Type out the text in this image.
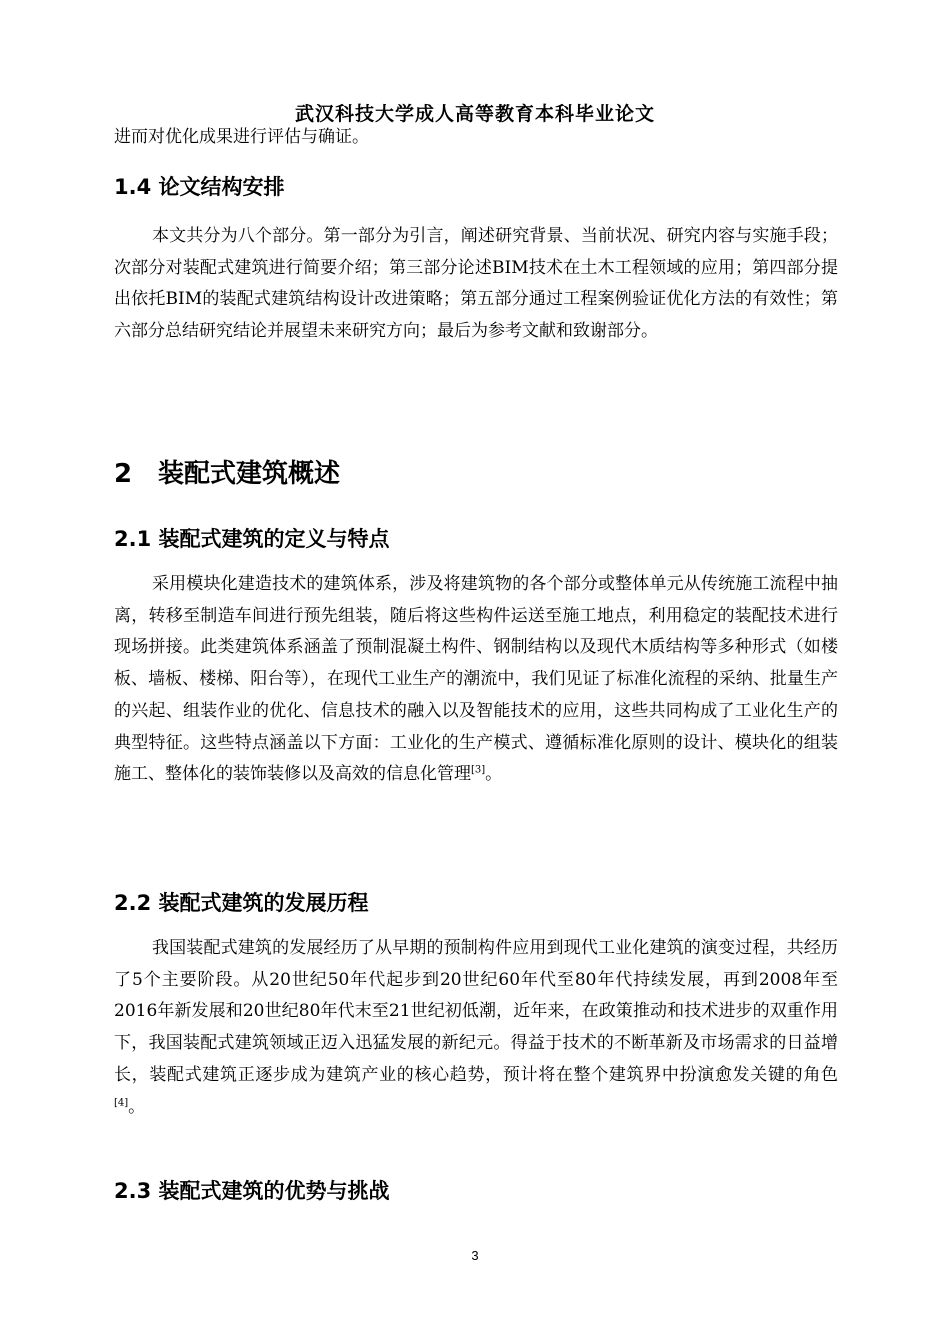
武汉科技大学成人高等教育本科毕业论文

进而对优化成果进行评估与确证。

1.4 论文结构安排

本文共分为八个部分。第一部分为引言，阐述研究背景、当前状况、研究内容与实施手段；次部分对装配式建筑进行简要介绍；第三部分论述BIM技术在土木工程领域的应用；第四部分提出依托BIM的装配式建筑结构设计改进策略；第五部分通过工程案例验证优化方法的有效性；第六部分总结研究结论并展望未来研究方向；最后为参考文献和致谢部分。

2 装配式建筑概述
2.1 装配式建筑的定义与特点

采用模块化建造技术的建筑体系，涉及将建筑物的各个部分或整体单元从传统施工流程中抽离，转移至制造车间进行预先组装，随后将这些构件运送至施工地点，利用稳定的装配技术进行现场拼接。此类建筑体系涵盖了预制混凝土构件、钢制结构以及现代木质结构等多种形式（如楼板、墙板、楼梯、阳台等），在现代工业生产的潮流中，我们见证了标准化流程的采纳、批量生产的兴起、组装作业的优化、信息技术的融入以及智能技术的应用，这些共同构成了工业化生产的典型特征。这些特点涵盖以下方面：工业化的生产模式、遵循标准化原则的设计、模块化的组装施工、整体化的装饰装修以及高效的信息化管理[3]。

2.2 装配式建筑的发展历程

我国装配式建筑的发展经历了从早期的预制构件应用到现代工业化建筑的演变过程，共经历了5个主要阶段。从20世纪50年代起步到20世纪60年代至80年代持续发展，再到2008年至2016年新发展和20世纪80年代末至21世纪初低潮，近年来，在政策推动和技术进步的双重作用下，我国装配式建筑领域正迈入迅猛发展的新纪元。得益于技术的不断革新及市场需求的日益增长，装配式建筑正逐步成为建筑产业的核心趋势，预计将在整个建筑界中扮演愈发关键的角色[4]。

2.3 装配式建筑的优势与挑战
3
